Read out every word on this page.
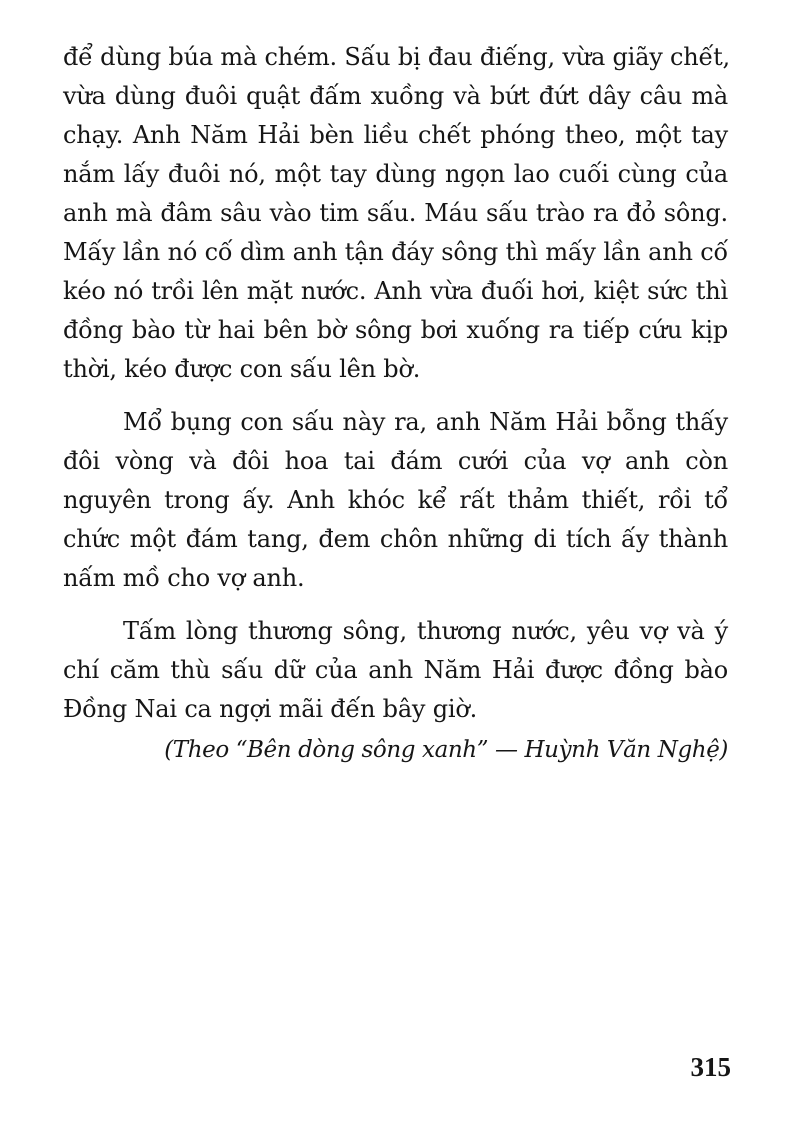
để dùng búa mà chém. Sấu bị đau điếng, vừa giãy chết,
vừa dùng đuôi quật đấm xuồng và bứt đứt dây câu mà
chạy. Anh Năm Hải bèn liều chết phóng theo, một tay
nắm lấy đuôi nó, một tay dùng ngọn lao cuối cùng của
anh mà đâm sâu vào tim sấu. Máu sấu trào ra đỏ sông.
Mấy lần nó cố dìm anh tận đáy sông thì mấy lần anh cố
kéo nó trồi lên mặt nước. Anh vừa đuối hơi, kiệt sức thì
đồng bào từ hai bên bờ sông bơi xuống ra tiếp cứu kịp
thời, kéo được con sấu lên bờ.
Mổ bụng con sấu này ra, anh Năm Hải bỗng thấy
đôi vòng và đôi hoa tai đám cưới của vợ anh còn
nguyên trong ấy. Anh khóc kể rất thảm thiết, rồi tổ
chức một đám tang, đem chôn những di tích ấy thành
nấm mồ cho vợ anh.
Tấm lòng thương sông, thương nước, yêu vợ và ý
chí căm thù sấu dữ của anh Năm Hải được đồng bào
Đồng Nai ca ngợi mãi đến bây giờ.
(Theo “Bên dòng sông xanh” — Huỳnh Văn Nghệ)
315
